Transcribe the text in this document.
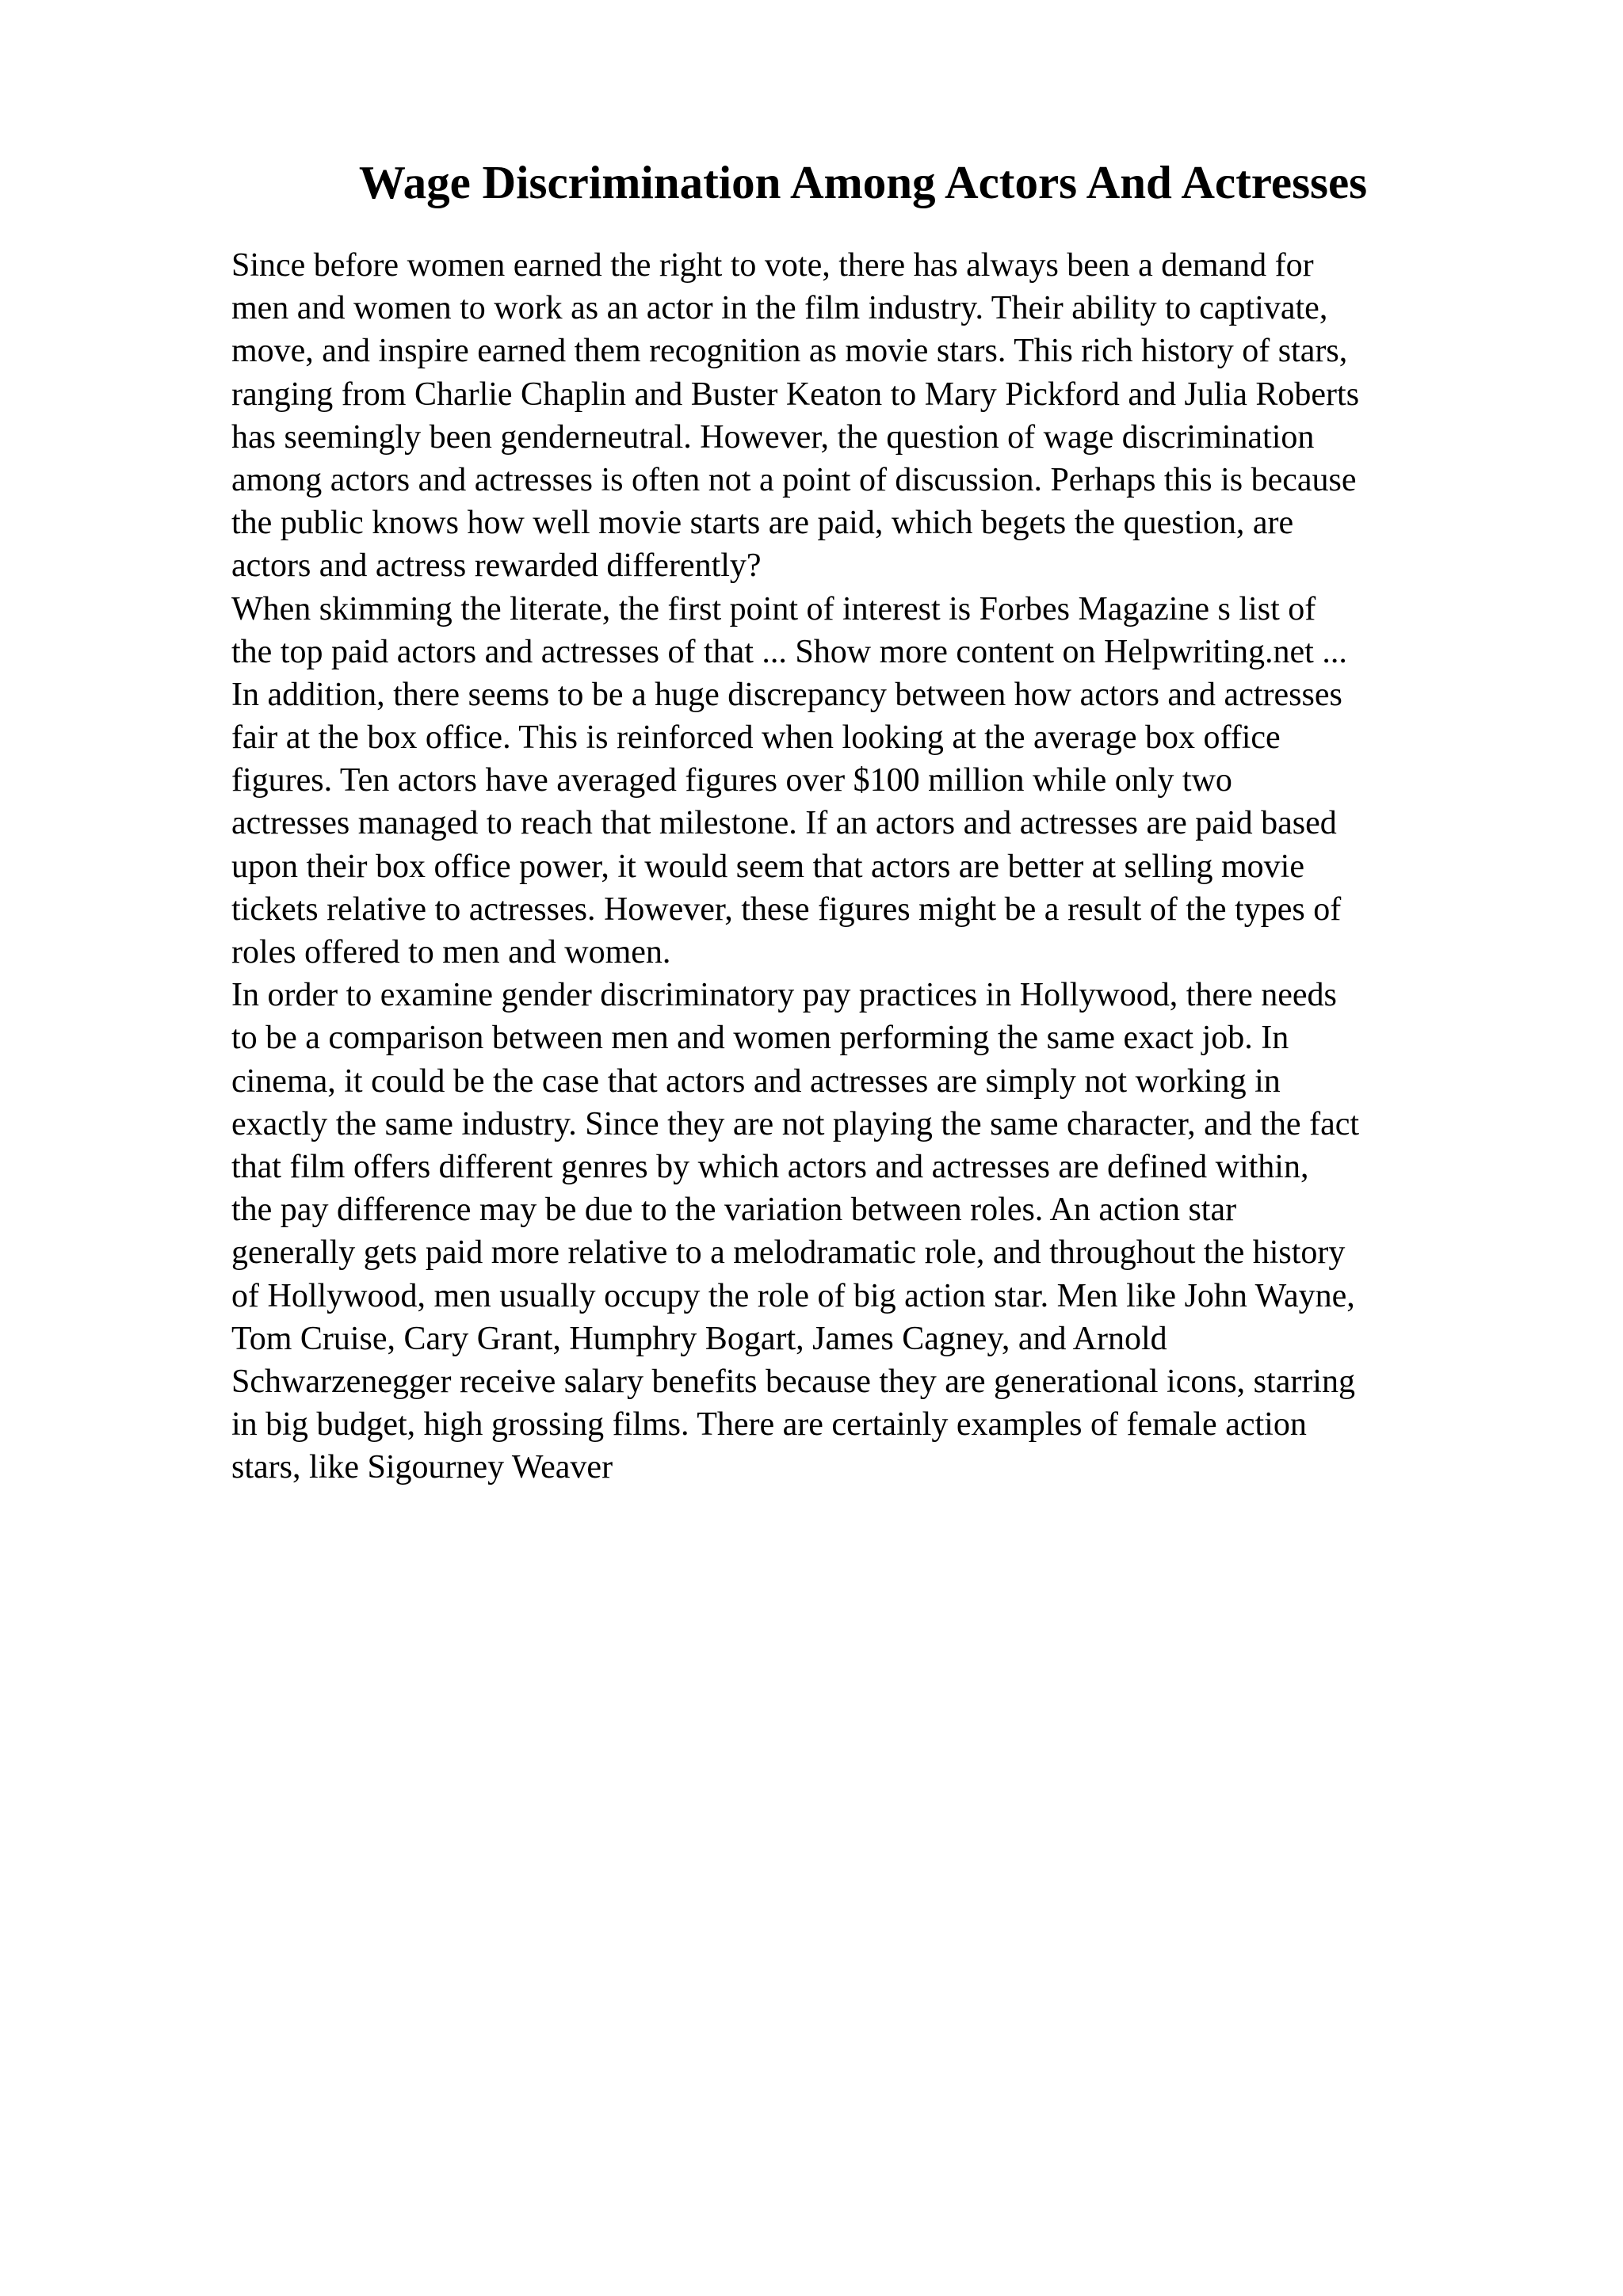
Wage Discrimination Among Actors And Actresses
Since before women earned the right to vote, there has always been a demand for
men and women to work as an actor in the film industry. Their ability to captivate,
move, and inspire earned them recognition as movie stars. This rich history of stars,
ranging from Charlie Chaplin and Buster Keaton to Mary Pickford and Julia Roberts
has seemingly been genderneutral. However, the question of wage discrimination
among actors and actresses is often not a point of discussion. Perhaps this is because
the public knows how well movie starts are paid, which begets the question, are
actors and actress rewarded differently?
When skimming the literate, the first point of interest is Forbes Magazine s list of
the top paid actors and actresses of that ... Show more content on Helpwriting.net ...
In addition, there seems to be a huge discrepancy between how actors and actresses
fair at the box office. This is reinforced when looking at the average box office
figures. Ten actors have averaged figures over $100 million while only two
actresses managed to reach that milestone. If an actors and actresses are paid based
upon their box office power, it would seem that actors are better at selling movie
tickets relative to actresses. However, these figures might be a result of the types of
roles offered to men and women.
In order to examine gender discriminatory pay practices in Hollywood, there needs
to be a comparison between men and women performing the same exact job. In
cinema, it could be the case that actors and actresses are simply not working in
exactly the same industry. Since they are not playing the same character, and the fact
that film offers different genres by which actors and actresses are defined within,
the pay difference may be due to the variation between roles. An action star
generally gets paid more relative to a melodramatic role, and throughout the history
of Hollywood, men usually occupy the role of big action star. Men like John Wayne,
Tom Cruise, Cary Grant, Humphry Bogart, James Cagney, and Arnold
Schwarzenegger receive salary benefits because they are generational icons, starring
in big budget, high grossing films. There are certainly examples of female action
stars, like Sigourney Weaver
